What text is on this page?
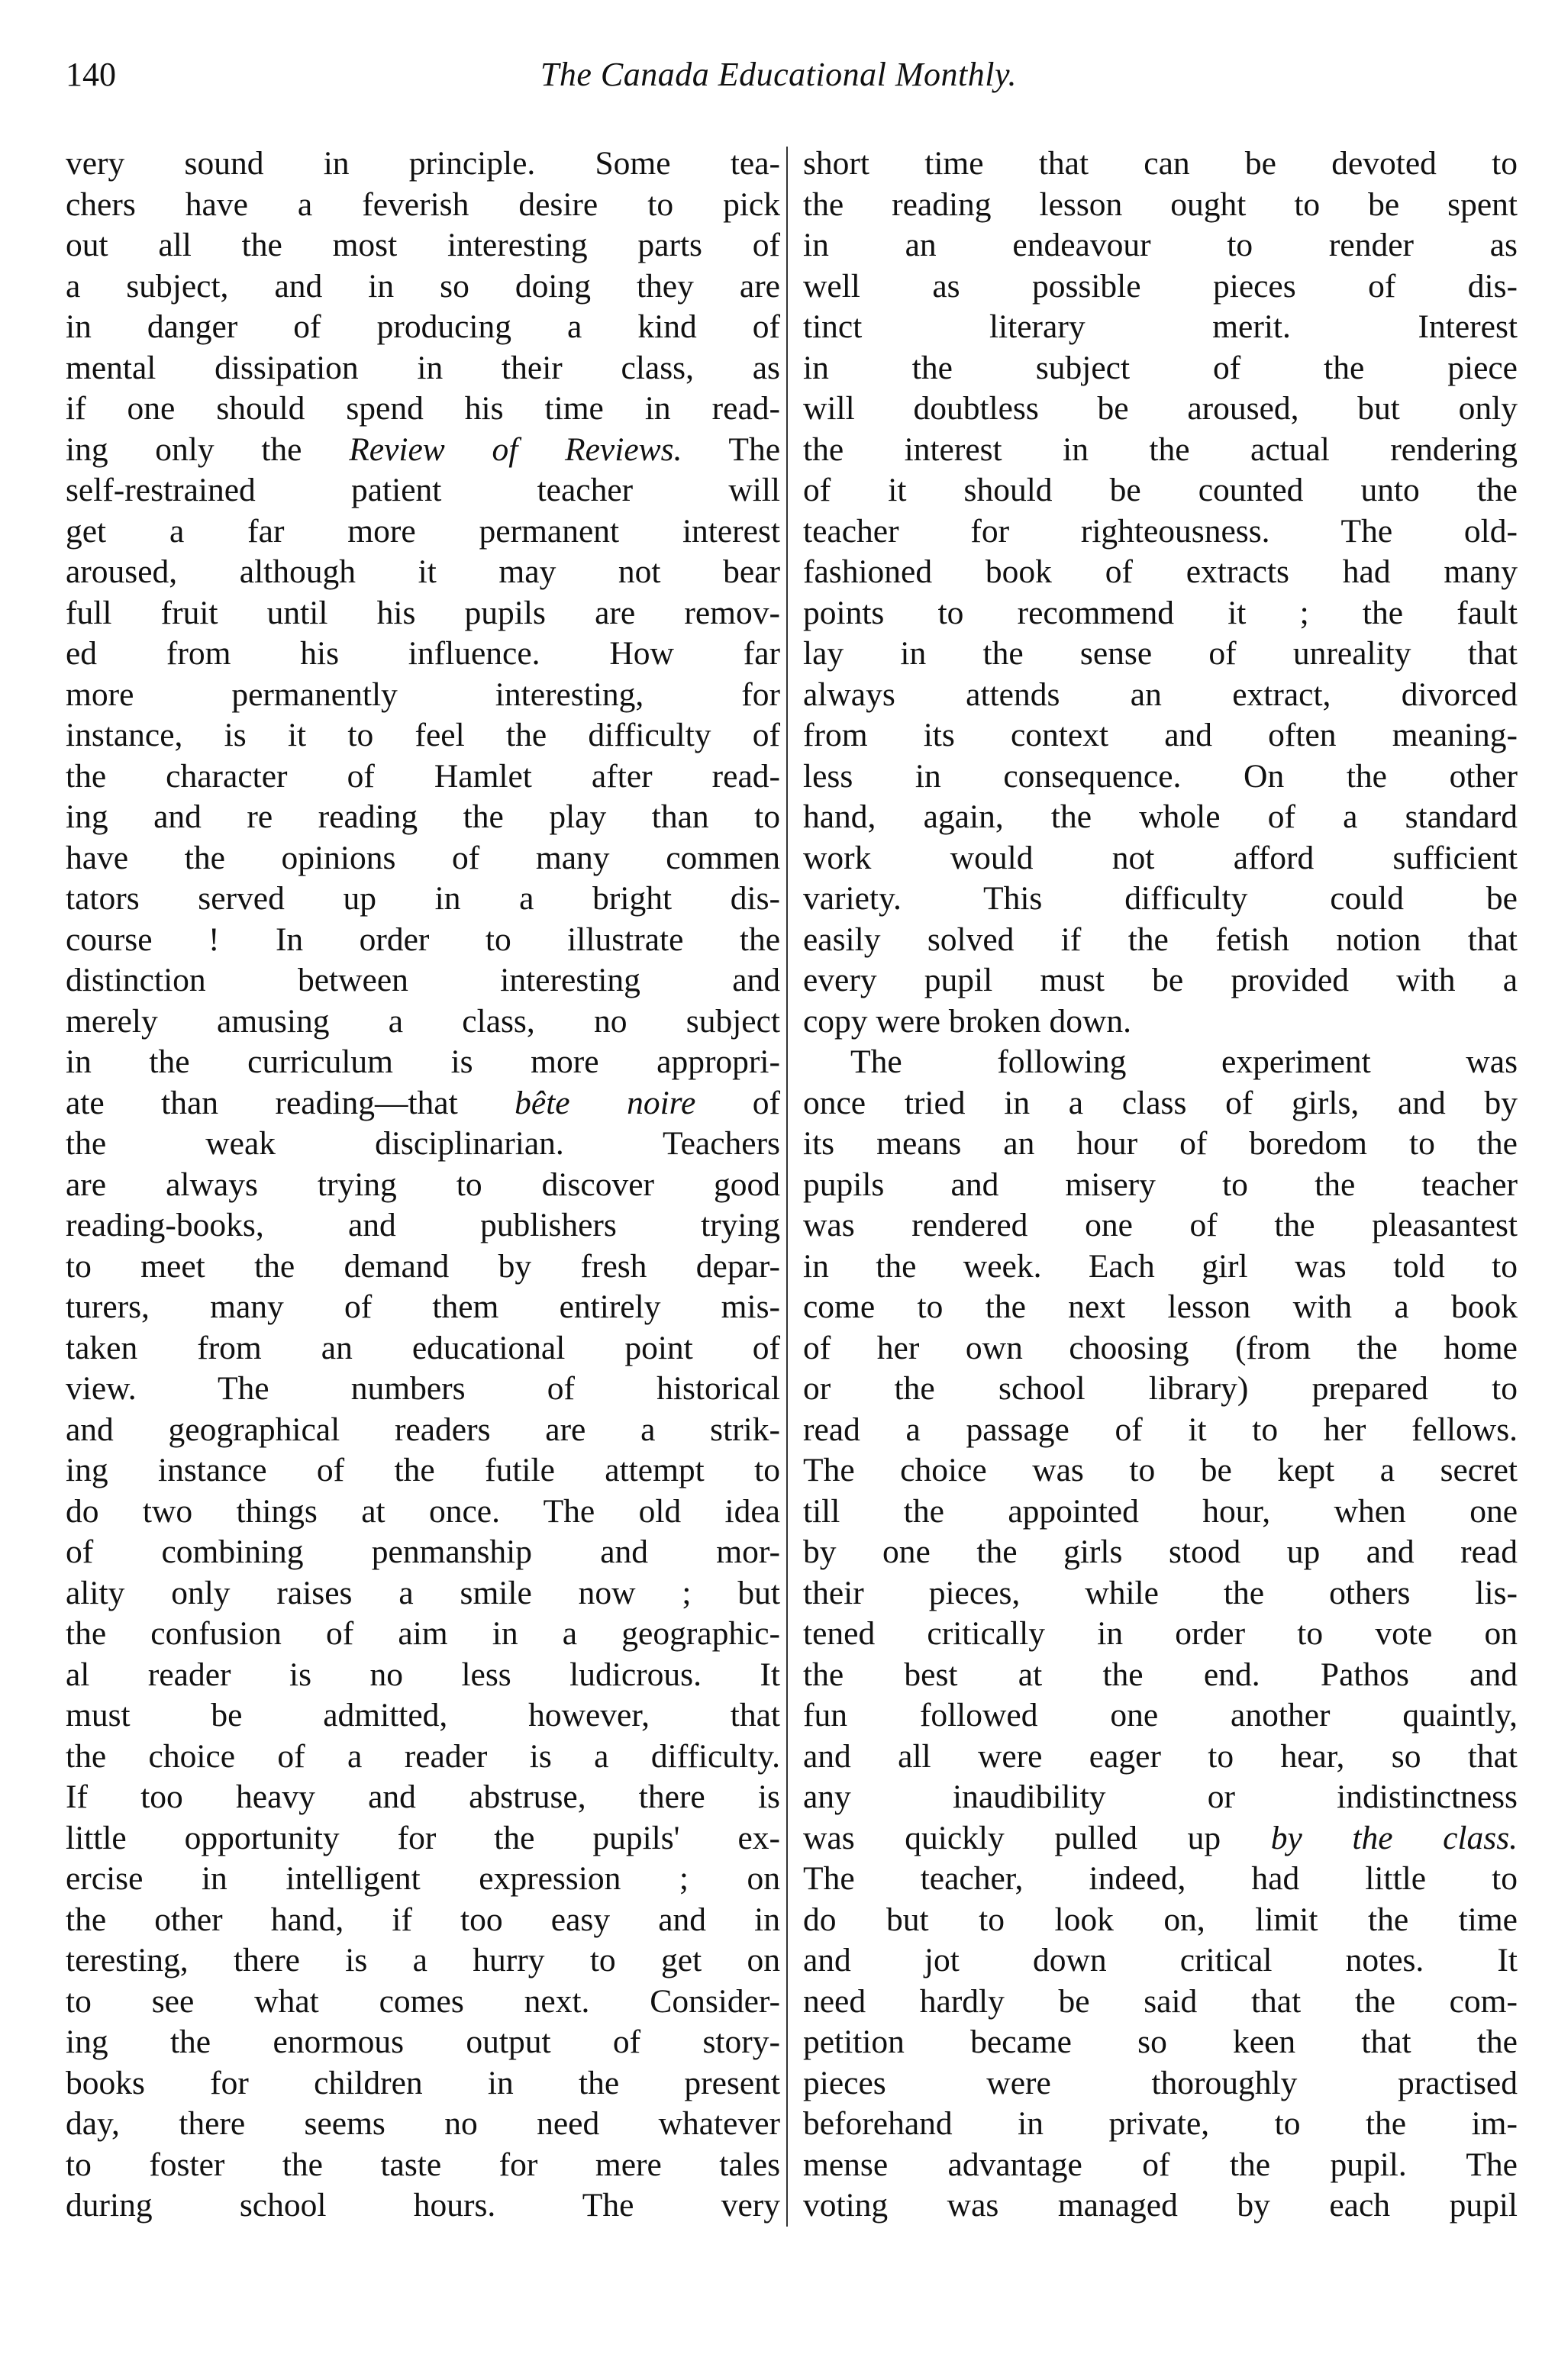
140	The Canada Educational Monthly.
very sound in principle. Some tea-
chers have a feverish desire to pick
out all the most interesting parts of
a subject, and in so doing they are
in danger of producing a kind of
mental dissipation in their class, as
if one should spend his time in read-
ing only the Review of Reviews. The
self-restrained patient teacher will
get a far more permanent interest
aroused, although it may not bear
full fruit until his pupils are remov-
ed from his influence. How far
more permanently interesting, for
instance, is it to feel the difficulty of
the character of Hamlet after read-
ing and re reading the play than to
have the opinions of many commen
tators served up in a bright dis-
course ! In order to illustrate the
distinction between interesting and
merely amusing a class, no subject
in the curriculum is more appropri-
ate than reading—that bête noire of
the weak disciplinarian. Teachers
are always trying to discover good
reading-books, and publishers trying
to meet the demand by fresh depar-
turers, many of them entirely mis-
taken from an educational point of
view. The numbers of historical
and geographical readers are a strik-
ing instance of the futile attempt to
do two things at once. The old idea
of combining penmanship and mor-
ality only raises a smile now ; but
the confusion of aim in a geographic-
al reader is no less ludicrous. It
must be admitted, however, that
the choice of a reader is a difficulty.
If too heavy and abstruse, there is
little opportunity for the pupils' ex-
ercise in intelligent expression ; on
the other hand, if too easy and in
teresting, there is a hurry to get on
to see what comes next. Consider-
ing the enormous output of story-
books for children in the present
day, there seems no need whatever
to foster the taste for mere tales
during school hours. The very
short time that can be devoted to
the reading lesson ought to be spent
in an endeavour to render as
well as possible pieces of dis-
tinct literary merit. Interest
in the subject of the piece
will doubtless be aroused, but only
the interest in the actual rendering
of it should be counted unto the
teacher for righteousness. The old-
fashioned book of extracts had many
points to recommend it ; the fault
lay in the sense of unreality that
always attends an extract, divorced
from its context and often meaning-
less in consequence. On the other
hand, again, the whole of a standard
work would not afford sufficient
variety. This difficulty could be
easily solved if the fetish notion that
every pupil must be provided with a
copy were broken down.
The following experiment was
once tried in a class of girls, and by
its means an hour of boredom to the
pupils and misery to the teacher
was rendered one of the pleasantest
in the week. Each girl was told to
come to the next lesson with a book
of her own choosing (from the home
or the school library) prepared to
read a passage of it to her fellows.
The choice was to be kept a secret
till the appointed hour, when one
by one the girls stood up and read
their pieces, while the others lis-
tened critically in order to vote on
the best at the end. Pathos and
fun followed one another quaintly,
and all were eager to hear, so that
any inaudibility or indistinctness
was quickly pulled up by the class.
The teacher, indeed, had little to
do but to look on, limit the time
and jot down critical notes. It
need hardly be said that the com-
petition became so keen that the
pieces were thoroughly practised
beforehand in private, to the im-
mense advantage of the pupil. The
voting was managed by each pupil
